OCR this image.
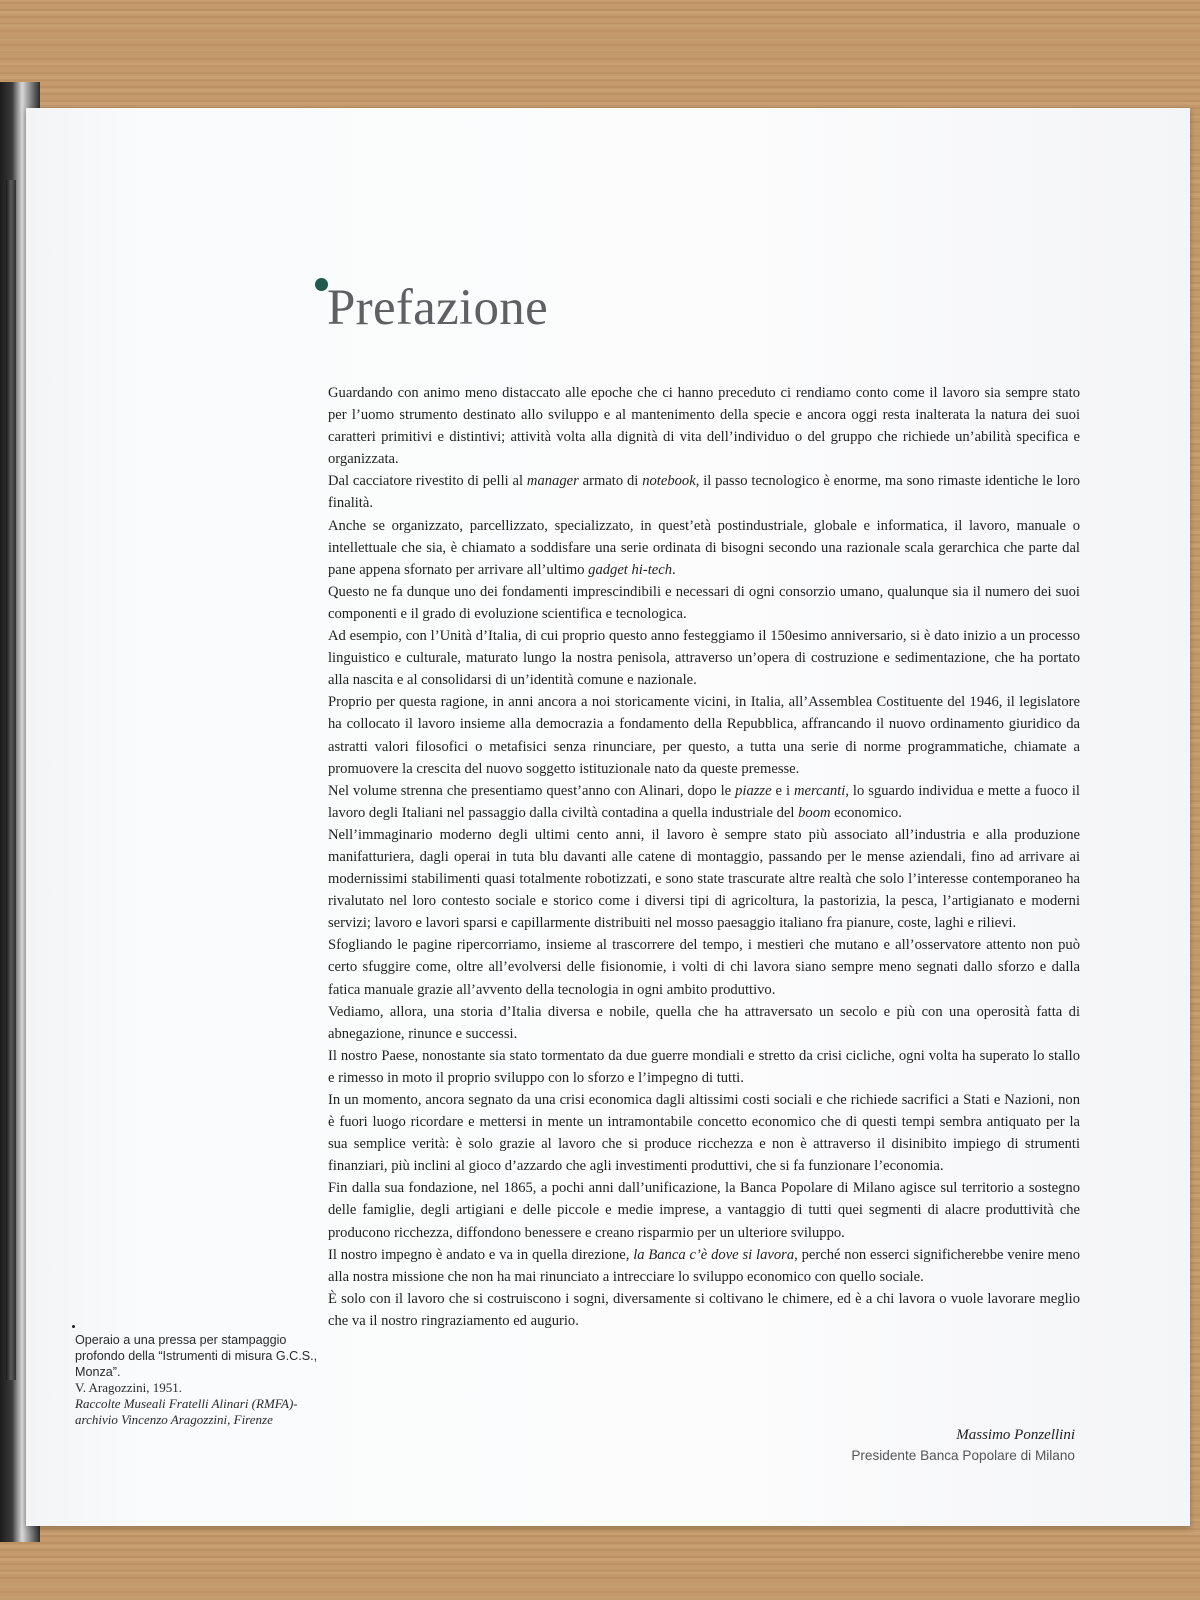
Prefazione

Guardando con animo meno distaccato alle epoche che ci hanno preceduto ci rendiamo conto come il lavoro sia sempre stato per l’uomo strumento destinato allo sviluppo e al mantenimento della specie e ancora oggi resta inalterata la natura dei suoi caratteri primitivi e distintivi; attività volta alla dignità di vita dell’individuo o del gruppo che richiede un’abilità specifica e organizzata.

Dal cacciatore rivestito di pelli al manager armato di notebook, il passo tecnologico è enorme, ma sono rimaste identiche le loro finalità.

Anche se organizzato, parcellizzato, specializzato, in quest’età postindustriale, globale e informatica, il lavoro, manuale o intellettuale che sia, è chiamato a soddisfare una serie ordinata di bisogni secondo una razionale scala gerarchica che parte dal pane appena sfornato per arrivare all’ultimo gadget hi-tech.

Questo ne fa dunque uno dei fondamenti imprescindibili e necessari di ogni consorzio umano, qualunque sia il numero dei suoi componenti e il grado di evoluzione scientifica e tecnologica.

Ad esempio, con l’Unità d’Italia, di cui proprio questo anno festeggiamo il 150esimo anniversario, si è dato inizio a un processo linguistico e culturale, maturato lungo la nostra penisola, attraverso un’opera di costruzione e sedimentazione, che ha portato alla nascita e al consolidarsi di un’identità comune e nazionale.

Proprio per questa ragione, in anni ancora a noi storicamente vicini, in Italia, all’Assemblea Costituente del 1946, il legislatore ha collocato il lavoro insieme alla democrazia a fondamento della Repubblica, affrancando il nuovo ordinamento giuridico da astratti valori filosofici o metafisici senza rinunciare, per questo, a tutta una serie di norme programmatiche, chiamate a promuovere la crescita del nuovo soggetto istituzionale nato da queste premesse.

Nel volume strenna che presentiamo quest’anno con Alinari, dopo le piazze e i mercanti, lo sguardo individua e mette a fuoco il lavoro degli Italiani nel passaggio dalla civiltà contadina a quella industriale del boom economico.

Nell’immaginario moderno degli ultimi cento anni, il lavoro è sempre stato più associato all’industria e alla produzione manifatturiera, dagli operai in tuta blu davanti alle catene di montaggio, passando per le mense aziendali, fino ad arrivare ai modernissimi stabilimenti quasi totalmente robotizzati, e sono state trascurate altre realtà che solo l’interesse contemporaneo ha rivalutato nel loro contesto sociale e storico come i diversi tipi di agricoltura, la pastorizia, la pesca, l’artigianato e moderni servizi; lavoro e lavori sparsi e capillarmente distribuiti nel mosso paesaggio italiano fra pianure, coste, laghi e rilievi.

Sfogliando le pagine ripercorriamo, insieme al trascorrere del tempo, i mestieri che mutano e all’osservatore attento non può certo sfuggire come, oltre all’evolversi delle fisionomie, i volti di chi lavora siano sempre meno segnati dallo sforzo e dalla fatica manuale grazie all’avvento della tecnologia in ogni ambito produttivo.

Vediamo, allora, una storia d’Italia diversa e nobile, quella che ha attraversato un secolo e più con una operosità fatta di abnegazione, rinunce e successi.

Il nostro Paese, nonostante sia stato tormentato da due guerre mondiali e stretto da crisi cicliche, ogni volta ha superato lo stallo e rimesso in moto il proprio sviluppo con lo sforzo e l’impegno di tutti.

In un momento, ancora segnato da una crisi economica dagli altissimi costi sociali e che richiede sacrifici a Stati e Nazioni, non è fuori luogo ricordare e mettersi in mente un intramontabile concetto economico che di questi tempi sembra antiquato per la sua semplice verità: è solo grazie al lavoro che si produce ricchezza e non è attraverso il disinibito impiego di strumenti finanziari, più inclini al gioco d’azzardo che agli investimenti produttivi, che si fa funzionare l’economia.

Fin dalla sua fondazione, nel 1865, a pochi anni dall’unificazione, la Banca Popolare di Milano agisce sul territorio a sostegno delle famiglie, degli artigiani e delle piccole e medie imprese, a vantaggio di tutti quei segmenti di alacre produttività che producono ricchezza, diffondono benessere e creano risparmio per un ulteriore sviluppo.

Il nostro impegno è andato e va in quella direzione, la Banca c’è dove si lavora, perché non esserci significherebbe venire meno alla nostra missione che non ha mai rinunciato a intrecciare lo sviluppo economico con quello sociale.

È solo con il lavoro che si costruiscono i sogni, diversamente si coltivano le chimere, ed è a chi lavora o vuole lavorare meglio che va il nostro ringraziamento ed augurio.

Operaio a una pressa per stampaggio profondo della “Istrumenti di misura G.C.S., Monza”.
V. Aragozzini, 1951.
Raccolte Museali Fratelli Alinari (RMFA)-archivio Vincenzo Aragozzini, Firenze
Massimo Ponzellini
Presidente Banca Popolare di Milano
